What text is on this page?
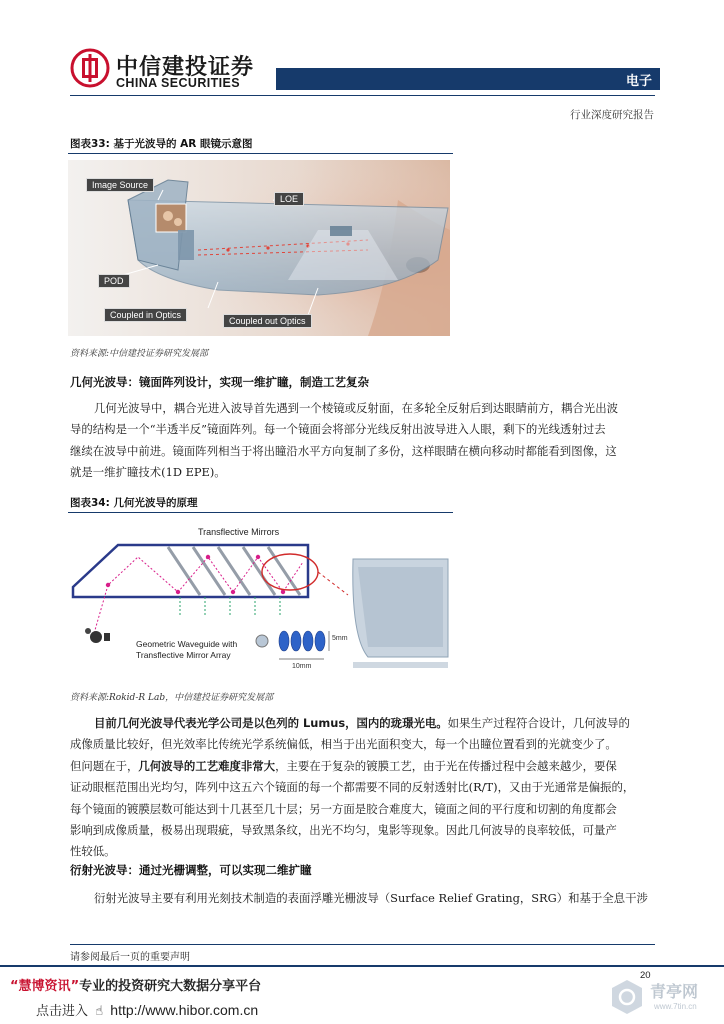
中信建投证券
CHINA SECURITIES	电子
行业深度研究报告
图表33: 基于光波导的 AR 眼镜示意图
Image Source
LOE
POD
Coupled in Optics
Coupled out Optics
资料来源:中信建投证券研究发展部
几何光波导：镜面阵列设计，实现一维扩瞳，制造工艺复杂
几何光波导中，耦合光进入波导首先遇到一个棱镜或反射面，在多轮全反射后到达眼睛前方，耦合光出波
导的结构是一个“半透半反”镜面阵列。每一个镜面会将部分光线反射出波导进入人眼，剩下的光线透射过去
继续在波导中前进。镜面阵列相当于将出瞳沿水平方向复制了多份，这样眼睛在横向移动时都能看到图像，这
就是一维扩瞳技术(1D EPE)。
图表34: 几何光波导的原理
Transflective Mirrors
Geometric Waveguide with
Transflective Mirror Array
5mm
10mm
资料来源:Rokid-R Lab，中信建投证券研究发展部
目前几何光波导代表光学公司是以色列的 Lumus，国内的珑璟光电。如果生产过程符合设计，几何波导的
成像质量比较好，但光效率比传统光学系统偏低，相当于出光面积变大，每一个出瞳位置看到的光就变少了。
但问题在于，几何波导的工艺难度非常大，主要在于复杂的镀膜工艺，由于光在传播过程中会越来越少，要保
证动眼框范围出光均匀，阵列中这五六个镜面的每一个都需要不同的反射透射比(R/T)，又由于光通常是偏振的，
每个镜面的镀膜层数可能达到十几甚至几十层；另一方面是胶合难度大，镜面之间的平行度和切割的角度都会
影响到成像质量，极易出现瑕疵，导致黑条纹，出光不均匀，鬼影等现象。因此几何波导的良率较低，可量产
性较低。
衍射光波导：通过光栅调整，可以实现二维扩瞳
衍射光波导主要有利用光刻技术制造的表面浮雕光栅波导（Surface Relief Grating，SRG）和基于全息干涉
请参阅最后一页的重要声明
20
“慧博资讯”专业的投资研究大数据分享平台
点击进入 ☝ http://www.hibor.com.cn
青亭网
www.7tin.cn
